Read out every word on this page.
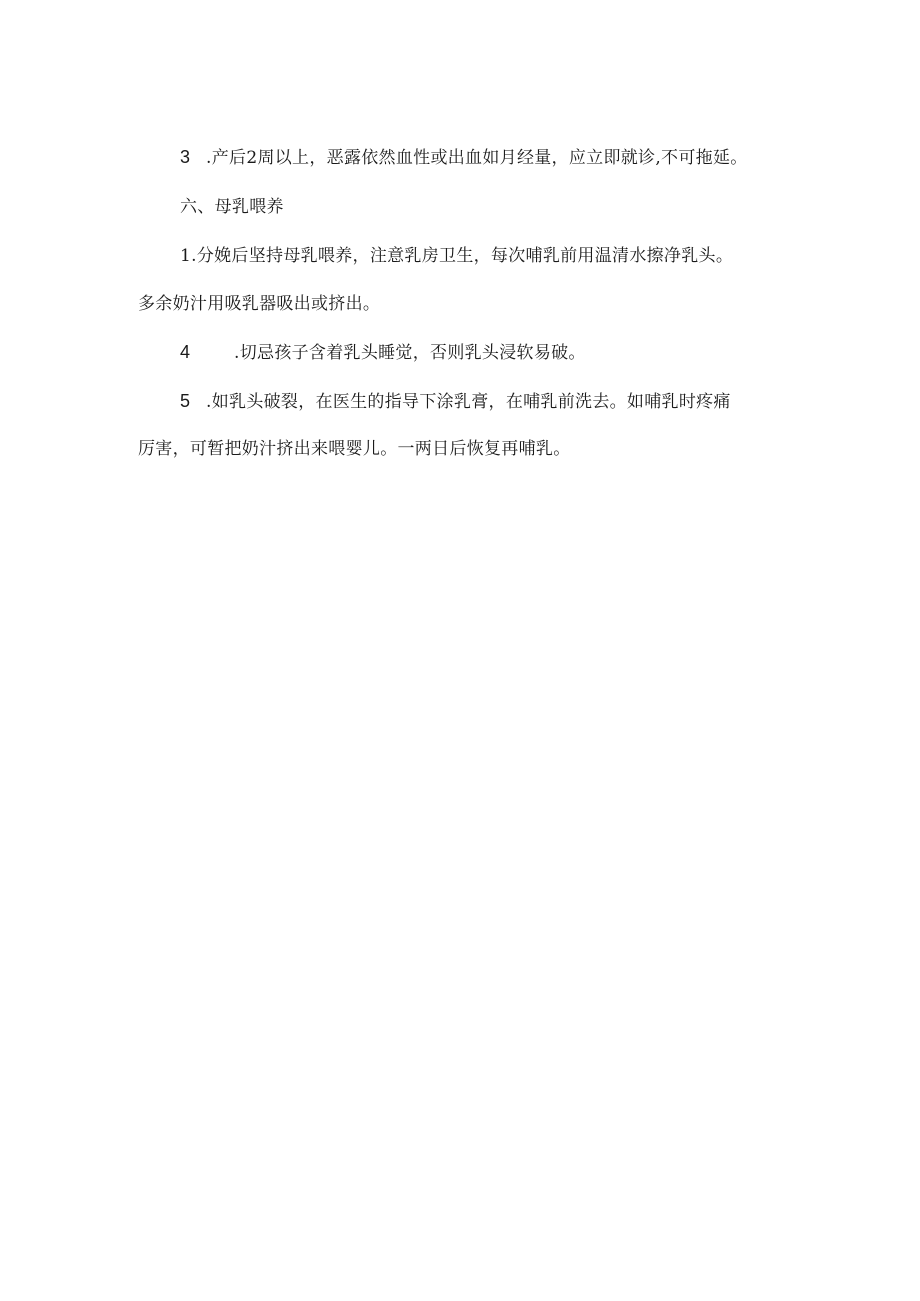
3 .产后2周以上，恶露依然血性或出血如月经量，应立即就诊,不可拖延。
六、母乳喂养
1.分娩后坚持母乳喂养，注意乳房卫生，每次哺乳前用温清水擦净乳头。
多余奶汁用吸乳器吸出或挤出。
4	.切忌孩子含着乳头睡觉，否则乳头浸软易破。
5 .如乳头破裂，在医生的指导下涂乳膏，在哺乳前洗去。如哺乳时疼痛
厉害，可暂把奶汁挤出来喂婴儿。一两日后恢复再哺乳。
